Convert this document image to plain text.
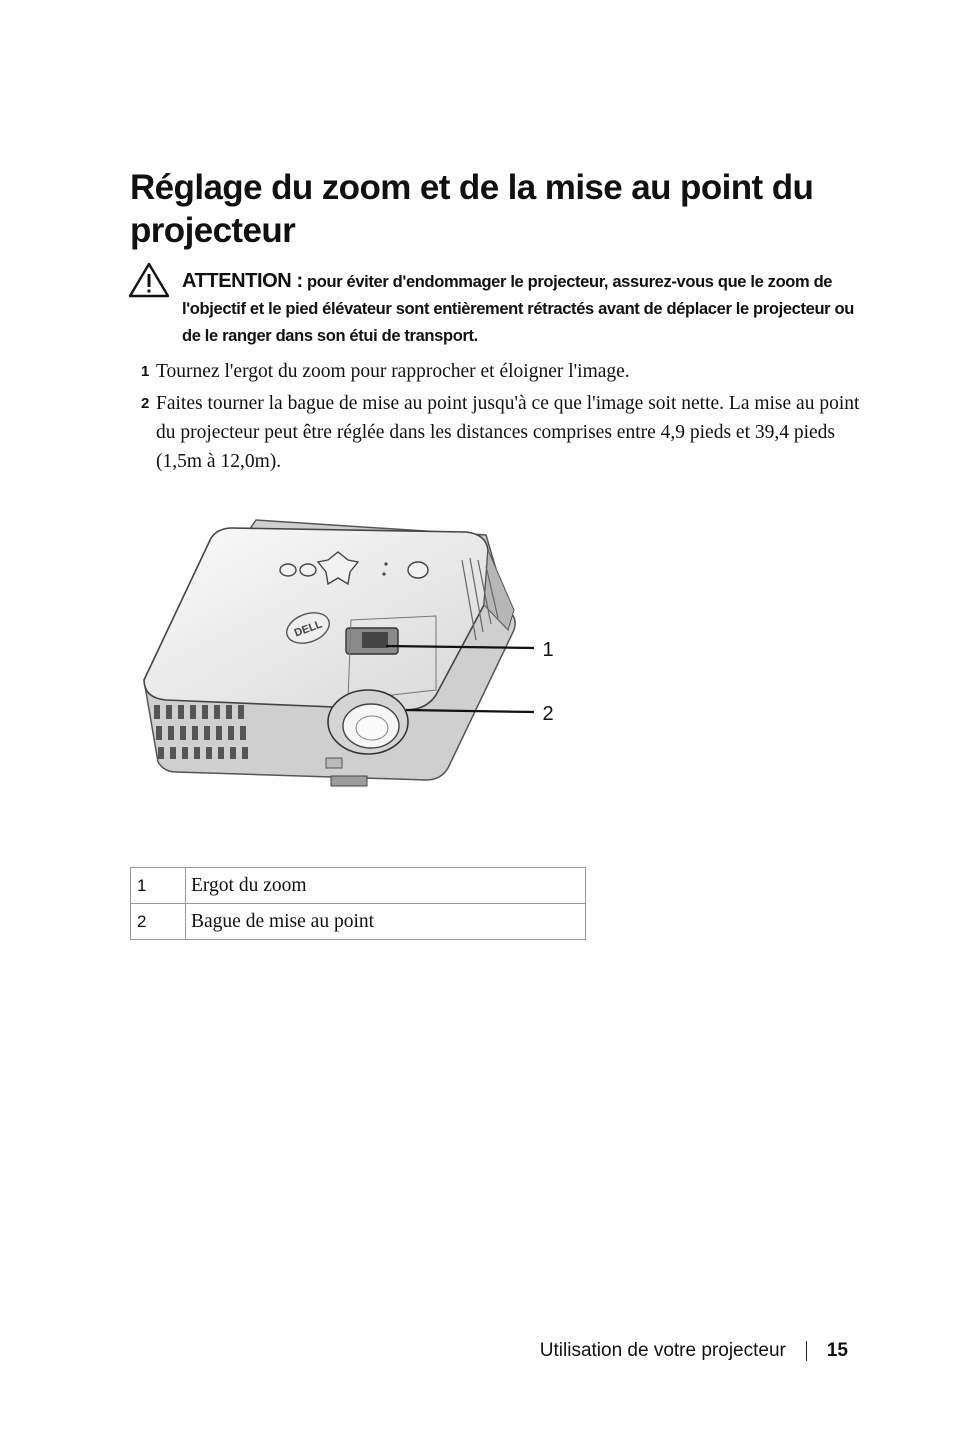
Réglage du zoom et de la mise au point du projecteur
ATTENTION : pour éviter d'endommager le projecteur, assurez-vous que le zoom de l'objectif et le pied élévateur sont entièrement rétractés avant de déplacer le projecteur ou de le ranger dans son étui de transport.
1 Tournez l'ergot du zoom pour rapprocher et éloigner l'image.
2 Faites tourner la bague de mise au point jusqu'à ce que l'image soit nette. La mise au point du projecteur peut être réglée dans les distances comprises entre 4,9 pieds et 39,4 pieds (1,5m à 12,0m).
DELL
1
2
1	Ergot du zoom
2	Bague de mise au point
Utilisation de votre projecteur 15
